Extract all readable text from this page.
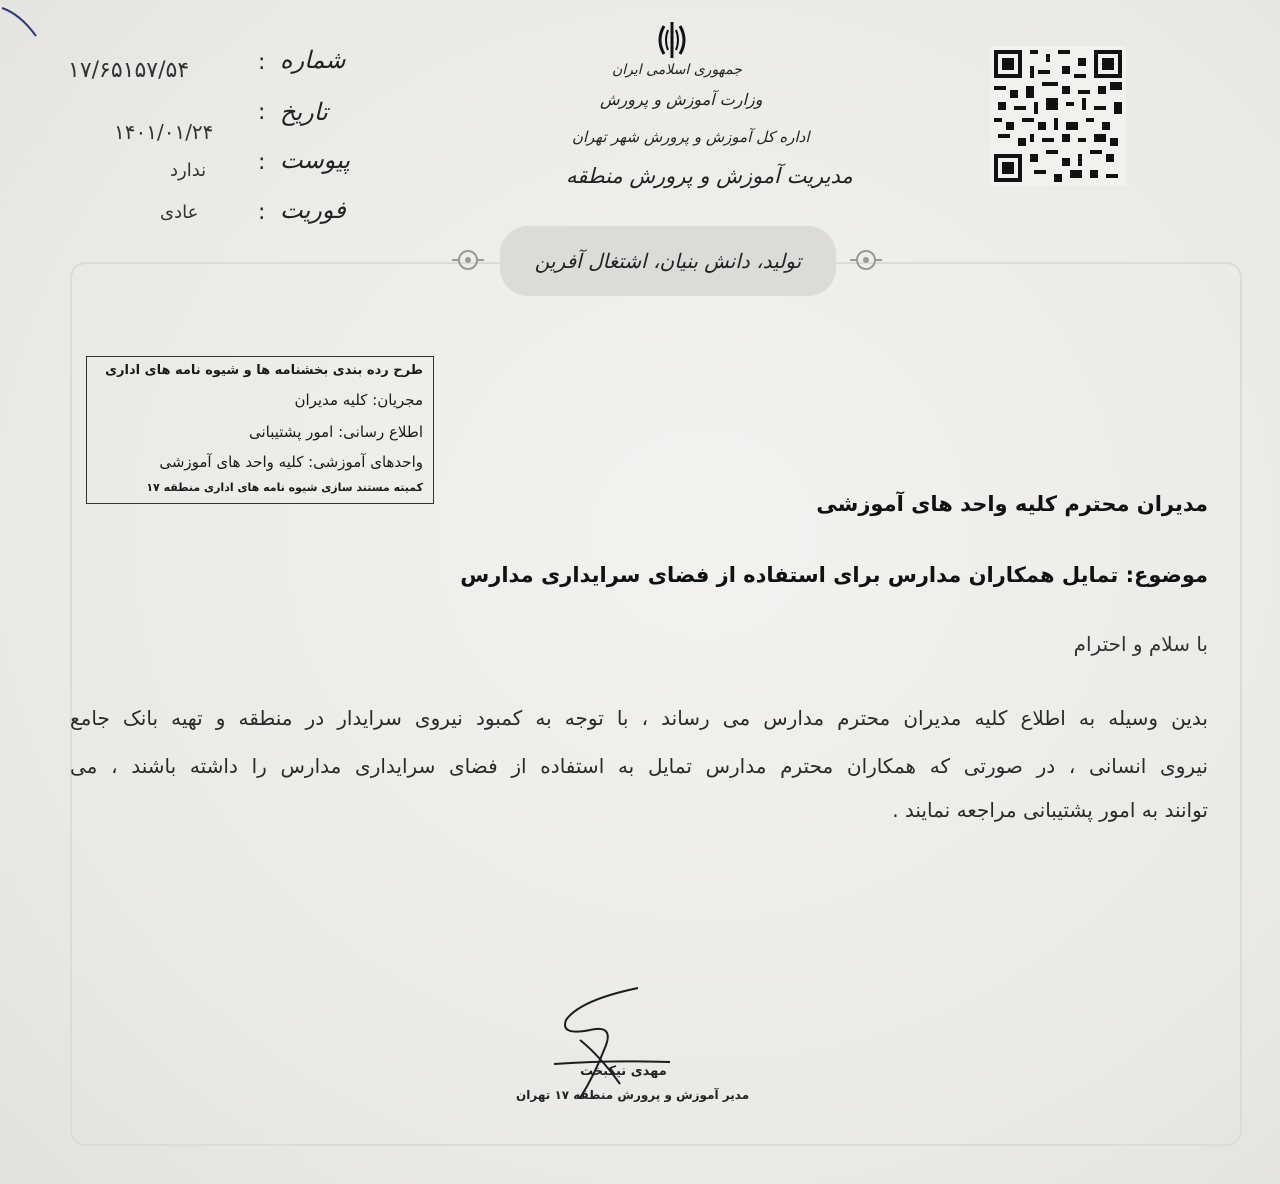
شماره
:
۱۷/۶۵۱۵۷/۵۴
تاریخ
:
۱۴۰۱/۰۱/۲۴
پیوست
:
ندارد
فوریت
:
عادی
جمهوری اسلامی ایران
وزارت آموزش و پرورش
اداره کل آموزش و پرورش شهر تهران
مدیریت آموزش و پرورش منطقه
تولید، دانش بنیان، اشتغال آفرین
طرح رده بندی بخشنامه ها و شیوه نامه های اداری
مجریان: کلیه مدیران
اطلاع رسانی: امور پشتیبانی
واحدهای آموزشی: کلیه واحد های آموزشی
کمیته مستند سازی شیوه نامه های اداری منطقه ۱۷
مدیران محترم کلیه واحد های آموزشی
موضوع: تمایل همکاران مدارس برای استفاده از فضای سرایداری مدارس
با سلام و احترام
بدین وسیله به اطلاع کلیه مدیران محترم مدارس می رساند ، با توجه به کمبود نیروی سرایدار در منطقه و تهیه بانک جامع
نیروی انسانی ، در صورتی که همکاران محترم مدارس تمایل به استفاده از فضای سرایداری مدارس را داشته باشند ، می
توانند به امور پشتیبانی مراجعه نمایند .
مهدی نیکبخت
مدیر آموزش و پرورش منطقه ۱۷ تهران
